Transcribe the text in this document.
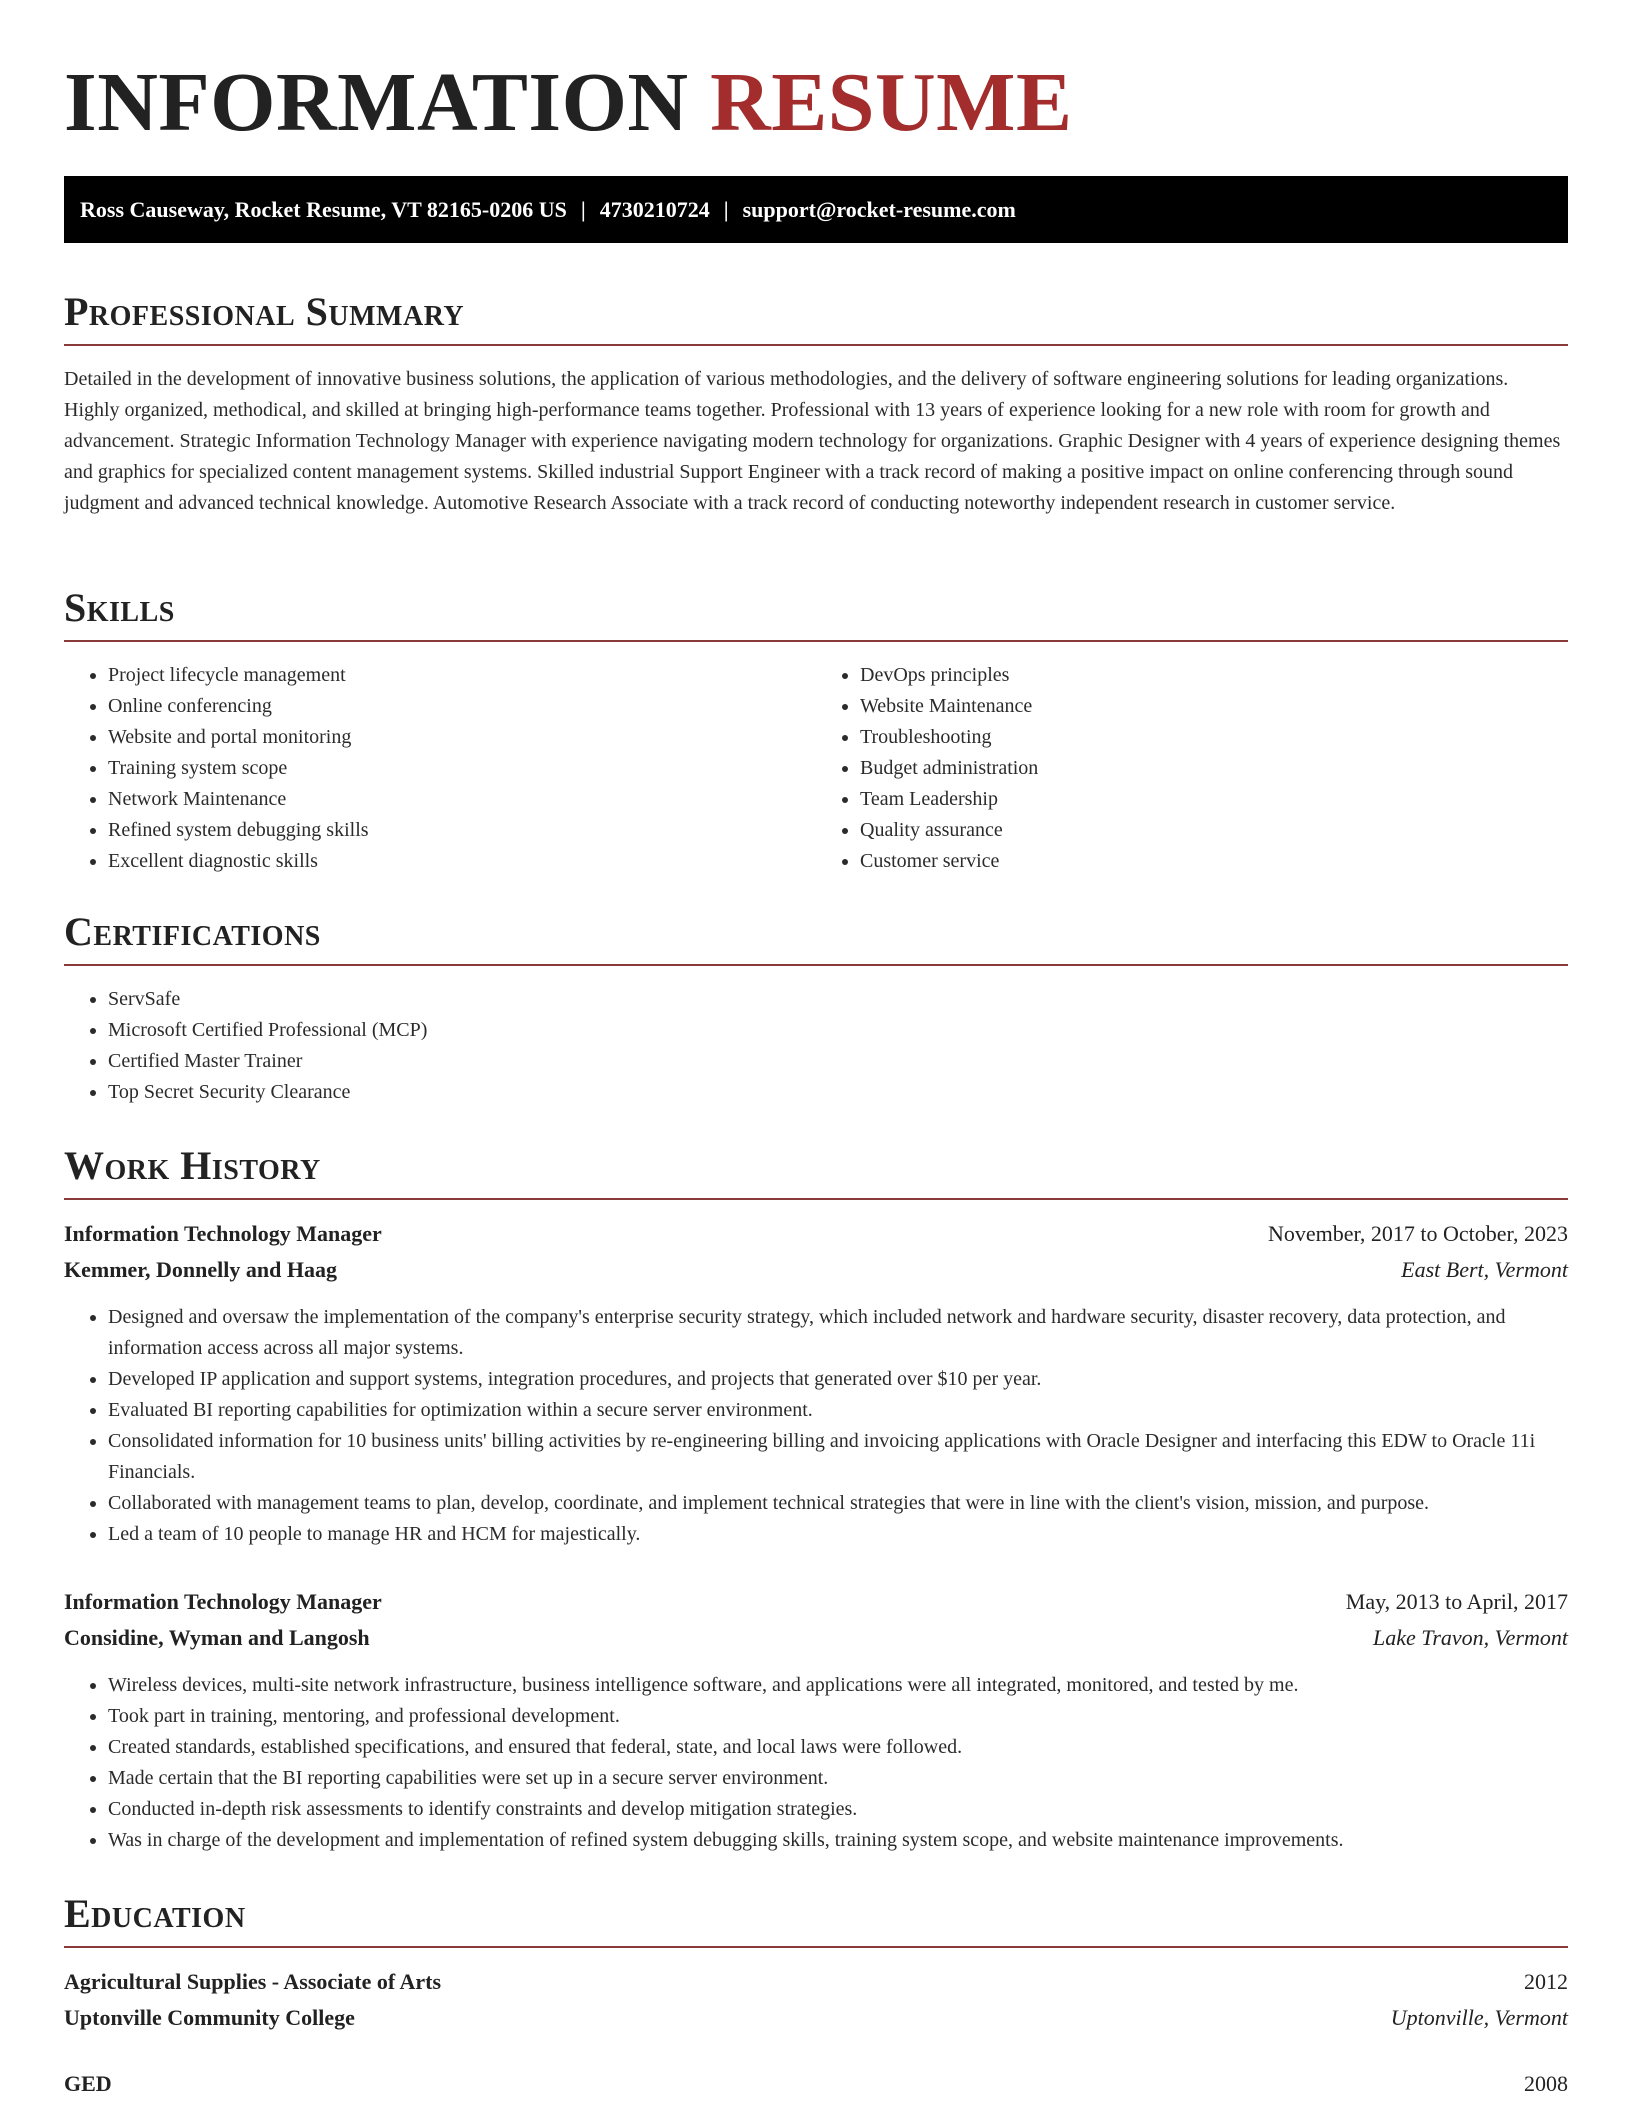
INFORMATION RESUME
Ross Causeway, Rocket Resume, VT 82165-0206 US | 4730210724 | support@rocket-resume.com
Professional Summary

Detailed in the development of innovative business solutions, the application of various methodologies, and the delivery of software engineering solutions for leading organizations. Highly organized, methodical, and skilled at bringing high-performance teams together. Professional with 13 years of experience looking for a new role with room for growth and advancement. Strategic Information Technology Manager with experience navigating modern technology for organizations. Graphic Designer with 4 years of experience designing themes and graphics for specialized content management systems. Skilled industrial Support Engineer with a track record of making a positive impact on online conferencing through sound judgment and advanced technical knowledge. Automotive Research Associate with a track record of conducting noteworthy independent research in customer service.

Skills
• Project lifecycle management
• Online conferencing
• Website and portal monitoring
• Training system scope
• Network Maintenance
• Refined system debugging skills
• Excellent diagnostic skills
• DevOps principles
• Website Maintenance
• Troubleshooting
• Budget administration
• Team Leadership
• Quality assurance
• Customer service
Certifications
• ServSafe
• Microsoft Certified Professional (MCP)
• Certified Master Trainer
• Top Secret Security Clearance
Work History
Information Technology Manager	November, 2017 to October, 2023
Kemmer, Donnelly and Haag	East Bert, Vermont
• Designed and oversaw the implementation of the company's enterprise security strategy, which included network and hardware security, disaster recovery, data protection, and information access across all major systems.
• Developed IP application and support systems, integration procedures, and projects that generated over $10 per year.
• Evaluated BI reporting capabilities for optimization within a secure server environment.
• Consolidated information for 10 business units' billing activities by re-engineering billing and invoicing applications with Oracle Designer and interfacing this EDW to Oracle 11i Financials.
• Collaborated with management teams to plan, develop, coordinate, and implement technical strategies that were in line with the client's vision, mission, and purpose.
• Led a team of 10 people to manage HR and HCM for majestically.
Information Technology Manager	May, 2013 to April, 2017
Considine, Wyman and Langosh	Lake Travon, Vermont
• Wireless devices, multi-site network infrastructure, business intelligence software, and applications were all integrated, monitored, and tested by me.
• Took part in training, mentoring, and professional development.
• Created standards, established specifications, and ensured that federal, state, and local laws were followed.
• Made certain that the BI reporting capabilities were set up in a secure server environment.
• Conducted in-depth risk assessments to identify constraints and develop mitigation strategies.
• Was in charge of the development and implementation of refined system debugging skills, training system scope, and website maintenance improvements.
Education
Agricultural Supplies - Associate of Arts	2012
Uptonville Community College	Uptonville, Vermont
GED	2008
